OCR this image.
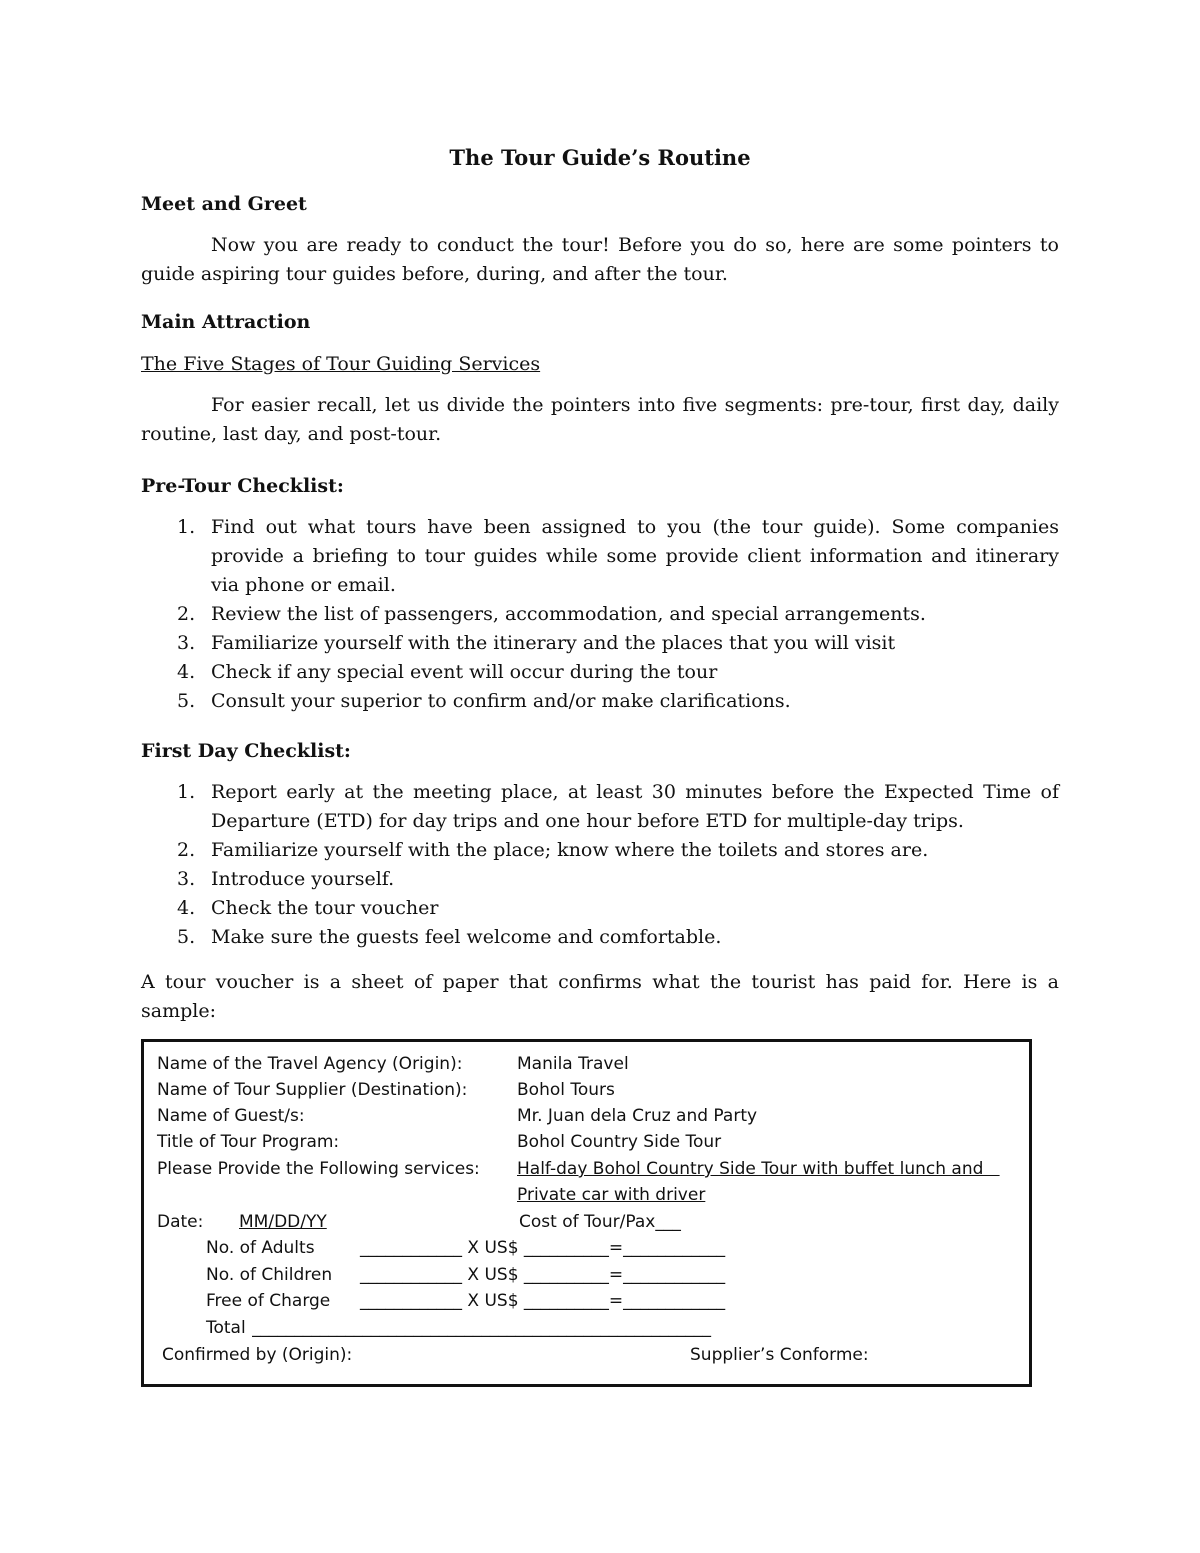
The Tour Guide’s Routine
Meet and Greet
Now you are ready to conduct the tour! Before you do so, here are some pointers to guide aspiring tour guides before, during, and after the tour.
Main Attraction
The Five Stages of Tour Guiding Services
For easier recall, let us divide the pointers into five segments: pre-tour, first day, daily routine, last day, and post-tour.
Pre-Tour Checklist:
1. Find out what tours have been assigned to you (the tour guide). Some companies provide a briefing to tour guides while some provide client information and itinerary via phone or email.
2. Review the list of passengers, accommodation, and special arrangements.
3. Familiarize yourself with the itinerary and the places that you will visit
4. Check if any special event will occur during the tour
5. Consult your superior to confirm and/or make clarifications.
First Day Checklist:
1. Report early at the meeting place, at least 30 minutes before the Expected Time of Departure (ETD) for day trips and one hour before ETD for multiple-day trips.
2. Familiarize yourself with the place; know where the toilets and stores are.
3. Introduce yourself.
4. Check the tour voucher
5. Make sure the guests feel welcome and comfortable.
A tour voucher is a sheet of paper that confirms what the tourist has paid for. Here is a sample:
Name of the Travel Agency (Origin):	Manila Travel
Name of Tour Supplier (Destination):	Bohol Tours
Name of Guest/s:	Mr. Juan dela Cruz and Party
Title of Tour Program:	Bohol Country Side Tour
Please Provide the Following services: Half-day Bohol Country Side Tour with buffet lunch and
Private car with driver
Date: MM/DD/YY	Cost of Tour/Pax___
No. of Adults	____________ X US$ __________=____________
No. of Children ____________ X US$ __________=____________
Free of Charge ____________ X US$ __________=____________
Total ______________________________________________________
Confirmed by (Origin):	Supplier’s Conforme:
